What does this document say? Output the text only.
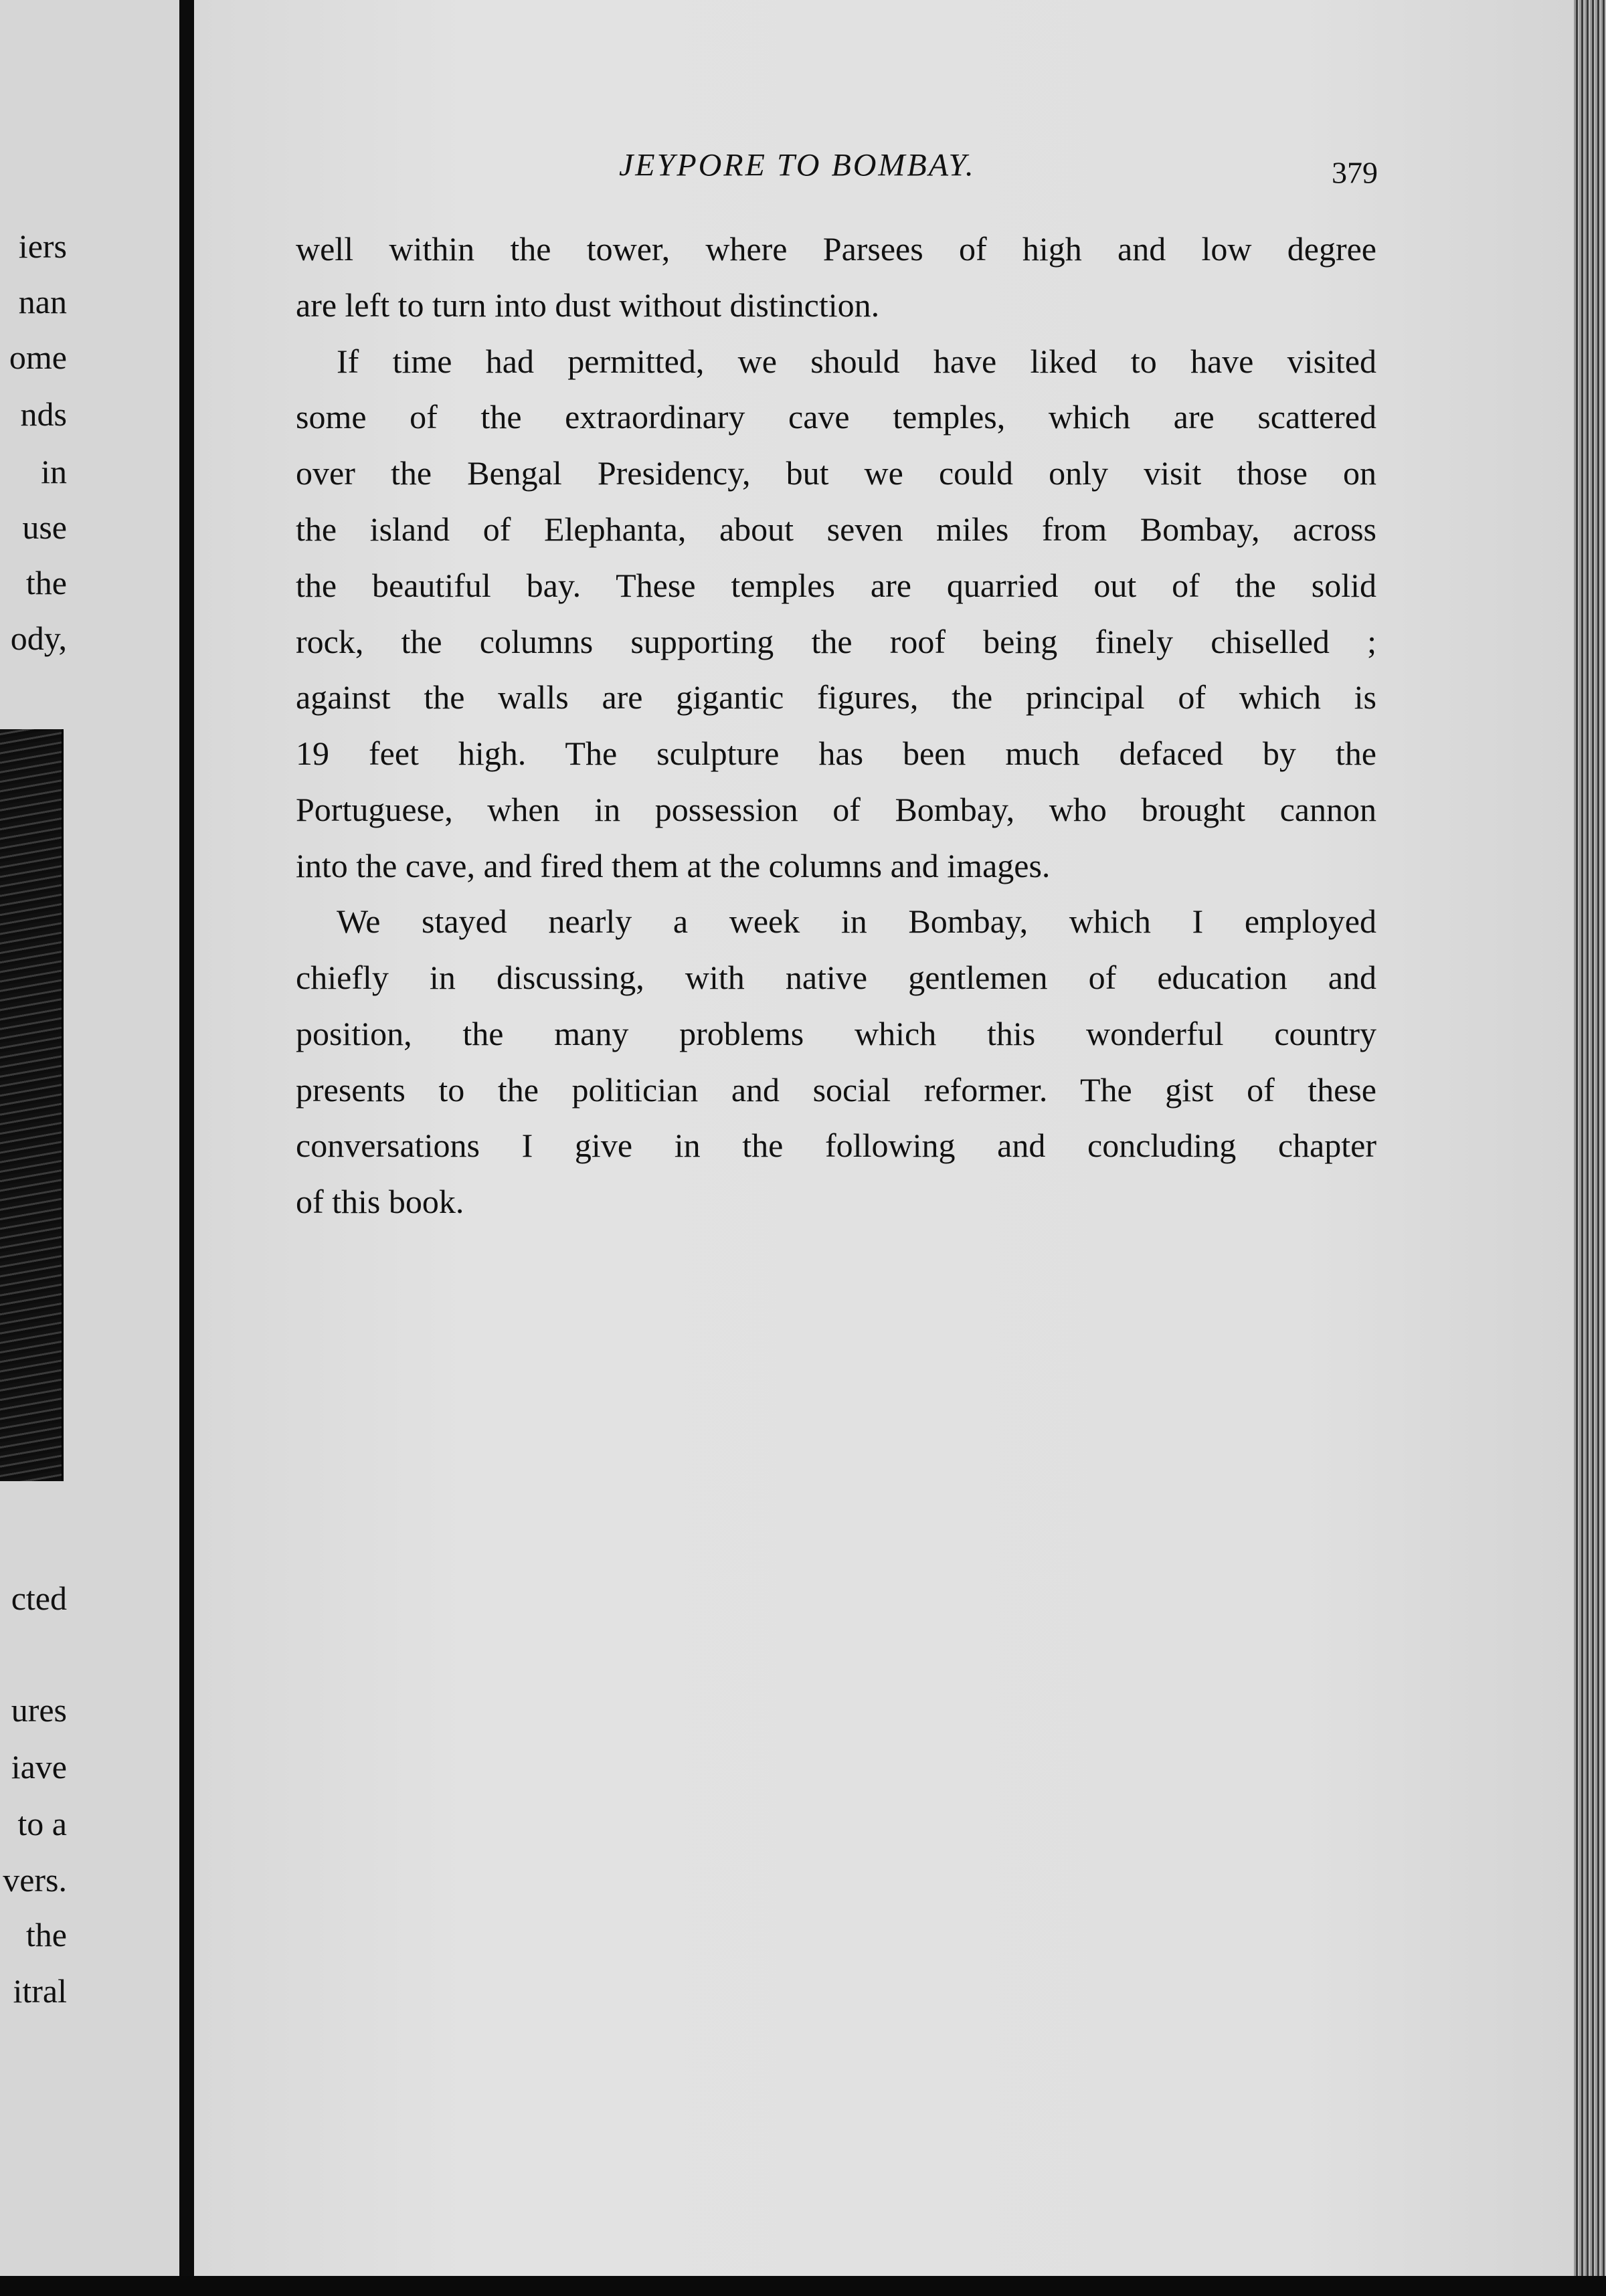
iers
nan
ome
nds
in
use
the
ody,
cted
ures
iave
to a
vers.
the
itral
JEYPORE TO BOMBAY.	379
well within the tower, where Parsees of high and low degree
are left to turn into dust without distinction.
If time had permitted, we should have liked to have visited
some of the extraordinary cave temples, which are scattered
over the Bengal Presidency, but we could only visit those on
the island of Elephanta, about seven miles from Bombay, across
the beautiful bay. These temples are quarried out of the solid
rock, the columns supporting the roof being finely chiselled ;
against the walls are gigantic figures, the principal of which is
19 feet high. The sculpture has been much defaced by the
Portuguese, when in possession of Bombay, who brought cannon
into the cave, and fired them at the columns and images.
We stayed nearly a week in Bombay, which I employed
chiefly in discussing, with native gentlemen of education and
position, the many problems which this wonderful country
presents to the politician and social reformer. The gist of these
conversations I give in the following and concluding chapter
of this book.
